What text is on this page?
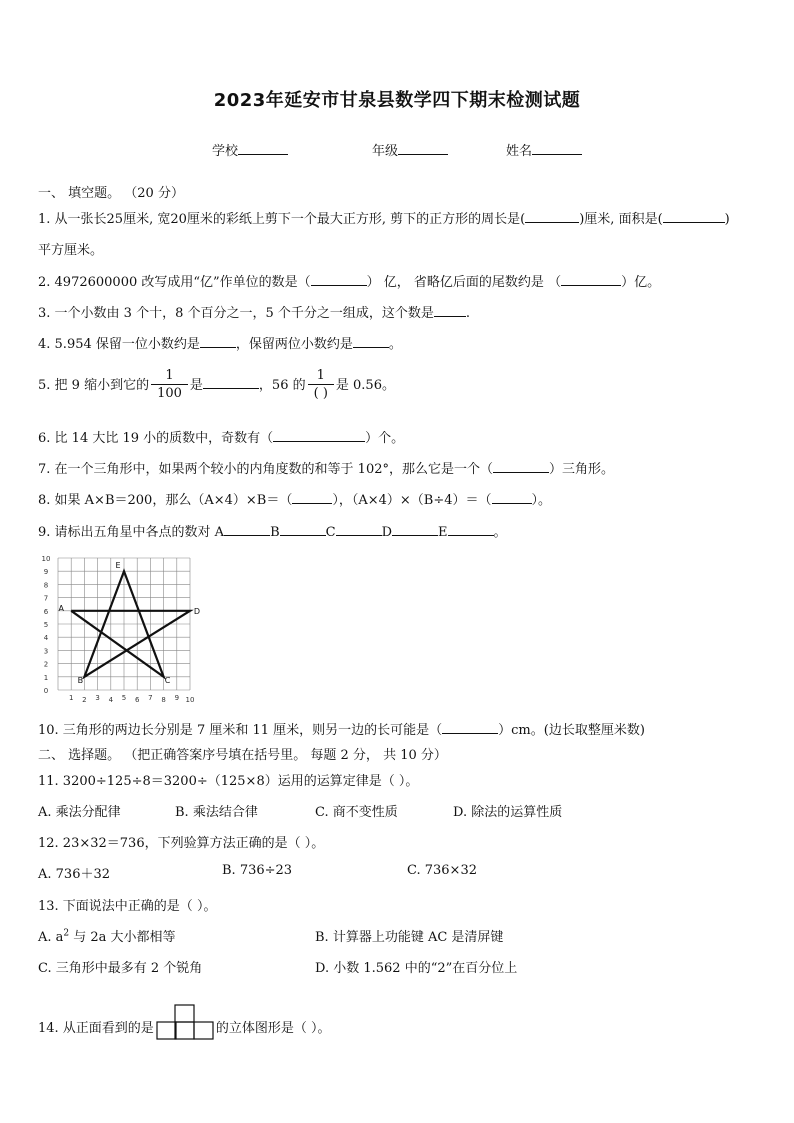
2023年延安市甘泉县数学四下期末检测试题
学校	年级	姓名
一、 填空题。 （20 分）
1. 从一张长25厘米, 宽20厘米的彩纸上剪下一个最大正方形, 剪下的正方形的周长是(	)厘米, 面积是(	)
平方厘米。
2. 4972600000 改写成用“亿”作单位的数是（	） 亿， 省略亿后面的尾数约是 （	）亿。
3. 一个小数由 3 个十，8 个百分之一，5 个千分之一组成，这个数是 .
4. 5.954 保留一位小数约是	，保留两位小数约是	。
5. 把 9 缩小到它的 $\frac{1}{100}$ 是	，56 的 $\frac{1}{( )}$ 是 0.56。
6. 比 14 大比 19 小的质数中，奇数有（	）个。
7. 在一个三角形中，如果两个较小的内角度数的和等于 102°，那么它是一个（	）三角形。
8. 如果 A×B＝200，那么（A×4）×B＝（	），（A×4）×（B÷4）＝（	）。
9. 请标出五角星中各点的数对 A	B	C	D	E	。
0
1
2
3
4
5
6
7
8
9
10
1 2 3 4 5 6 7 8 9 10
A
B	C
D
E
10. 三角形的两边长分别是 7 厘米和 11 厘米，则另一边的长可能是（	）cm。(边长取整厘米数)
二、 选择题。 （把正确答案序号填在括号里。 每题 2 分， 共 10 分）
11. 3200÷125÷8＝3200÷（125×8）运用的运算定律是（ ）。
A. 乘法分配律	B. 乘法结合律	C. 商不变性质	D. 除法的运算性质
12. 23×32＝736，下列验算方法正确的是（ ）。
A. 736＋32	B. 736÷23	C. 736×32
13. 下面说法中正确的是（ ）。
A. $a^2$ 与 2a 大小都相等	B. 计算器上功能键 AC 是清屏键
C. 三角形中最多有 2 个锐角	D. 小数 1.562 中的“2”在百分位上
14. 从正面看到的是	的立体图形是（ ）。
